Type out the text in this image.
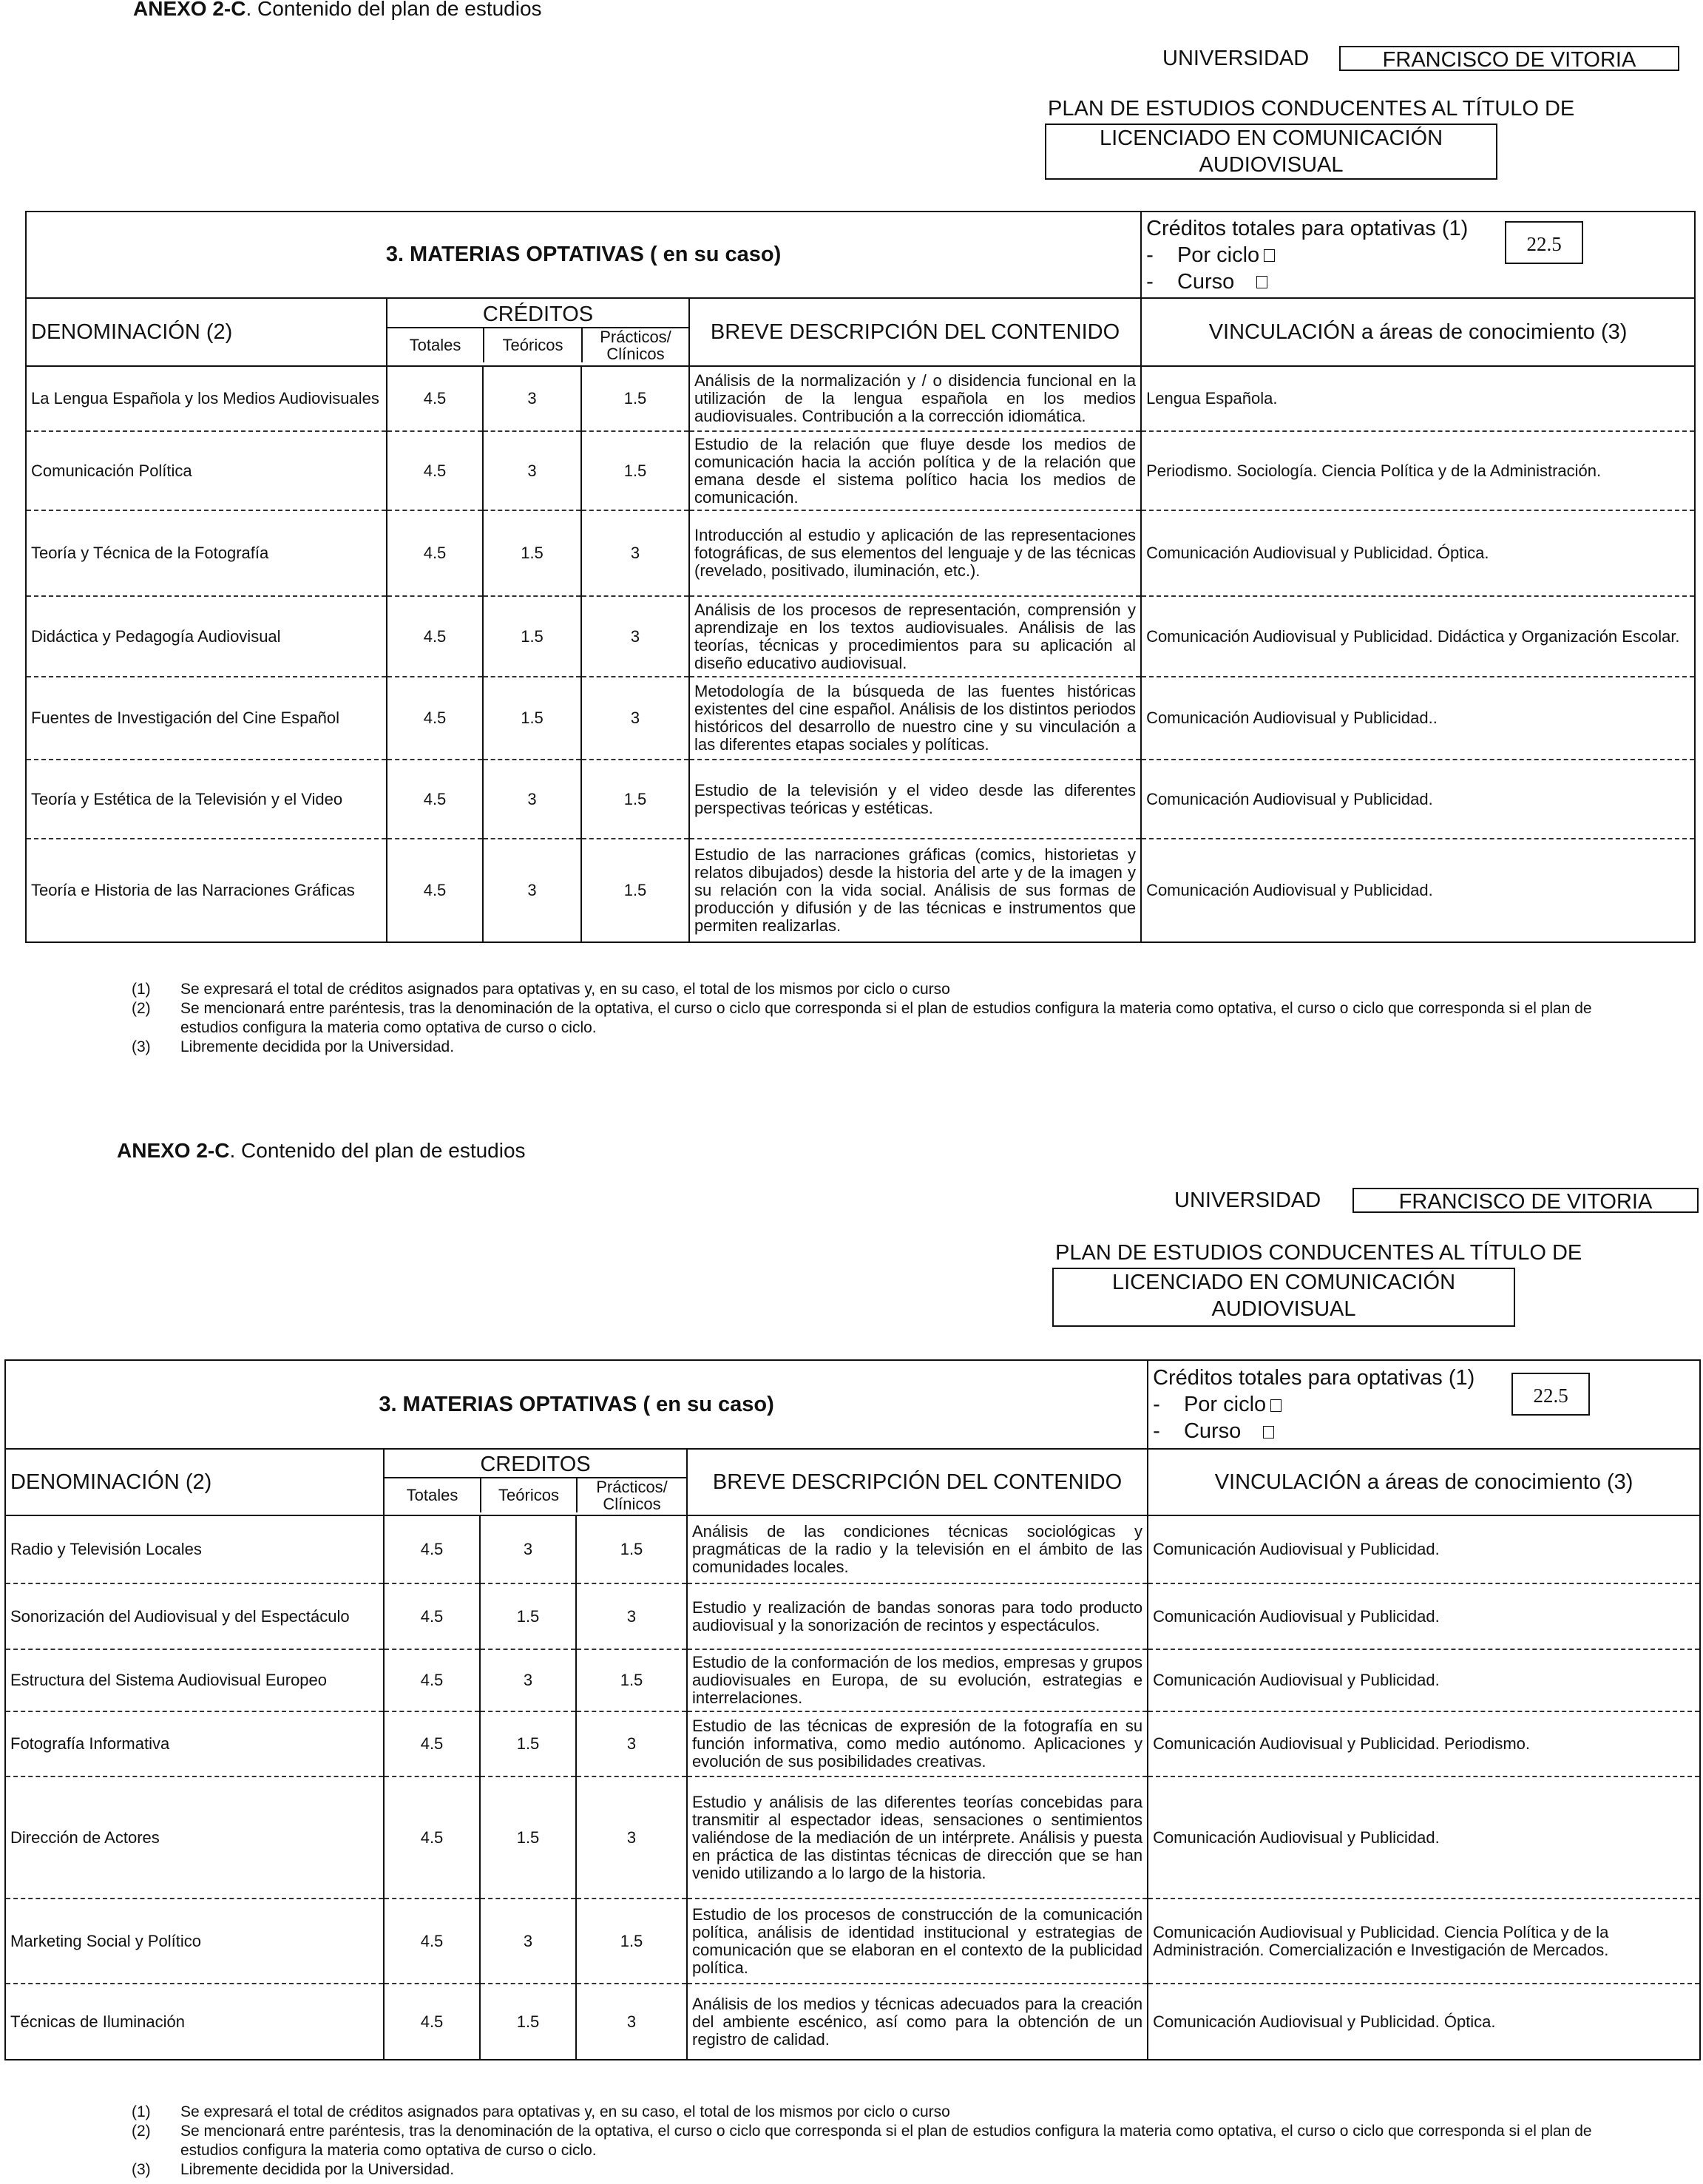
ANEXO 2-C. Contenido del plan de estudios
UNIVERSIDAD	FRANCISCO DE VITORIA
PLAN DE ESTUDIOS CONDUCENTES AL TÍTULO DE
LICENCIADO EN COMUNICACIÓN
AUDIOVISUAL
3. MATERIAS OPTATIVAS ( en su caso)	
Créditos totales para optativas (1)
-    Por ciclo
-    Curso
22.5

DENOMINACIÓN (2)	
CRÉDITOS
Totales	Teóricos	Prácticos/ Clínicos
	BREVE DESCRIPCIÓN DEL CONTENIDO	VINCULACIÓN a áreas de conocimiento (3)
La Lengua Española y los Medios Audiovisuales	4.5	3	1.5	Análisis de la normalización y / o disidencia funcional en la utilización de la lengua española en los medios audiovisuales. Contribución a la corrección idiomática.	Lengua Española.
Comunicación Política	4.5	3	1.5	Estudio de la relación que fluye desde los medios de comunicación hacia la acción política y de la relación que emana desde el sistema político hacia los medios de comunicación.	Periodismo. Sociología. Ciencia Política y de la Administración.
Teoría y Técnica de la Fotografía	4.5	1.5	3	Introducción al estudio y aplicación de las representaciones fotográficas, de sus elementos del lenguaje y de las técnicas (revelado, positivado, iluminación, etc.).	Comunicación Audiovisual y Publicidad. Óptica.
Didáctica y Pedagogía Audiovisual	4.5	1.5	3	Análisis de los procesos de representación, comprensión y aprendizaje en los textos audiovisuales. Análisis de las teorías, técnicas y procedimientos para su aplicación al diseño educativo audiovisual.	Comunicación Audiovisual y Publicidad. Didáctica y Organización Escolar.
Fuentes de Investigación del Cine Español	4.5	1.5	3	Metodología de la búsqueda de las fuentes históricas existentes del cine español. Análisis de los distintos periodos históricos del desarrollo de nuestro cine y su vinculación a las diferentes etapas sociales y políticas.	Comunicación Audiovisual y Publicidad..
Teoría y Estética de la Televisión y el Video	4.5	3	1.5	Estudio de la televisión y el video desde las diferentes perspectivas teóricas y estéticas.	Comunicación Audiovisual y Publicidad.
Teoría e Historia de las Narraciones Gráficas	4.5	3	1.5	Estudio de las narraciones gráficas (comics, historietas y relatos dibujados) desde la historia del arte y de la imagen y su relación con la vida social. Análisis de sus formas de producción y difusión y de las técnicas e instrumentos que permiten realizarlas.	Comunicación Audiovisual y Publicidad.
(1) Se expresará el total de créditos asignados para optativas y, en su caso, el total de los mismos por ciclo o curso
(2) Se mencionará entre paréntesis, tras la denominación de la optativa, el curso o ciclo que corresponda si el plan de estudios configura la materia como optativa, el curso o ciclo que corresponda si el plan de estudios configura la materia como optativa de curso o ciclo.
(3) Libremente decidida por la Universidad.
ANEXO 2-C. Contenido del plan de estudios
UNIVERSIDAD	FRANCISCO DE VITORIA
PLAN DE ESTUDIOS CONDUCENTES AL TÍTULO DE
LICENCIADO EN COMUNICACIÓN
AUDIOVISUAL
3. MATERIAS OPTATIVAS ( en su caso)	
Créditos totales para optativas (1)
-    Por ciclo
-    Curso
22.5

DENOMINACIÓN (2)	
CREDITOS
Totales	Teóricos	Prácticos/ Clínicos
	BREVE DESCRIPCIÓN DEL CONTENIDO	VINCULACIÓN a áreas de conocimiento (3)
Radio y Televisión Locales	4.5	3	1.5	Análisis de las condiciones técnicas sociológicas y pragmáticas de la radio y la televisión en el ámbito de las comunidades locales.	Comunicación Audiovisual y Publicidad.
Sonorización del Audiovisual y del Espectáculo	4.5	1.5	3	Estudio y realización de bandas sonoras para todo producto audiovisual y la sonorización de recintos y espectáculos.	Comunicación Audiovisual y Publicidad.
Estructura del Sistema Audiovisual Europeo	4.5	3	1.5	Estudio de la conformación de los medios, empresas y grupos audiovisuales en Europa, de su evolución, estrategias e interrelaciones.	Comunicación Audiovisual y Publicidad.
Fotografía Informativa	4.5	1.5	3	Estudio de las técnicas de expresión de la fotografía en su función informativa, como medio autónomo. Aplicaciones y evolución de sus posibilidades creativas.	Comunicación Audiovisual y Publicidad. Periodismo.
Dirección de Actores	4.5	1.5	3	Estudio y análisis de las diferentes teorías concebidas para transmitir al espectador ideas, sensaciones o sentimientos valiéndose de la mediación de un intérprete. Análisis y puesta en práctica de las distintas técnicas de dirección que se han venido utilizando a lo largo de la historia.	Comunicación Audiovisual y Publicidad.
Marketing Social y Político	4.5	3	1.5	Estudio de los procesos de construcción de la comunicación política, análisis de identidad institucional y estrategias de comunicación que se elaboran en el contexto de la publicidad política.	Comunicación Audiovisual y Publicidad. Ciencia Política y de la Administración. Comercialización e Investigación de Mercados.
Técnicas de Iluminación	4.5	1.5	3	Análisis de los medios y técnicas adecuados para la creación del ambiente escénico, así como para la obtención de un registro de calidad.	Comunicación Audiovisual y Publicidad. Óptica.
(1) Se expresará el total de créditos asignados para optativas y, en su caso, el total de los mismos por ciclo o curso
(2) Se mencionará entre paréntesis, tras la denominación de la optativa, el curso o ciclo que corresponda si el plan de estudios configura la materia como optativa, el curso o ciclo que corresponda si el plan de estudios configura la materia como optativa de curso o ciclo.
(3) Libremente decidida por la Universidad.
